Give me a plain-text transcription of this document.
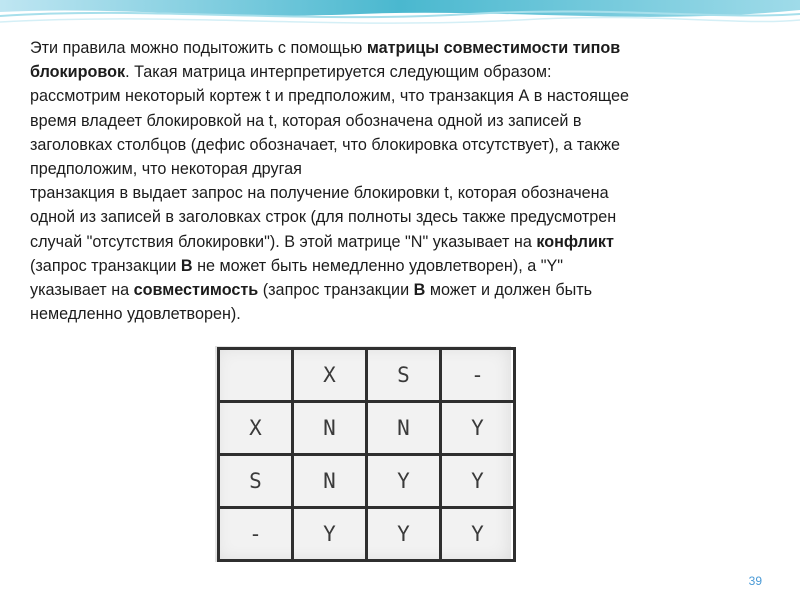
Эти правила можно подытожить с помощью матрицы совместимости типов
блокировок. Такая матрица интерпретируется следующим образом:
рассмотрим некоторый кортеж t и предположим, что транзакция А в настоящее
время владеет блокировкой на t, которая обозначена одной из записей в
заголовках столбцов (дефис обозначает, что блокировка отсутствует), а также
предположим, что некоторая другая
транзакция в выдает запрос на получение блокировки t, которая обозначена
одной из записей в заголовках строк (для полноты здесь также предусмотрен
случай "отсутствия блокировки"). В этой матрице "N" указывает на конфликт
(запрос транзакции В не может быть немедленно удовлетворен), а "Y"
указывает на совместимость (запрос транзакции В может и должен быть
немедленно удовлетворен).
	X	S	-
X	N	N	Y
S	N	Y	Y
-	Y	Y	Y
39
